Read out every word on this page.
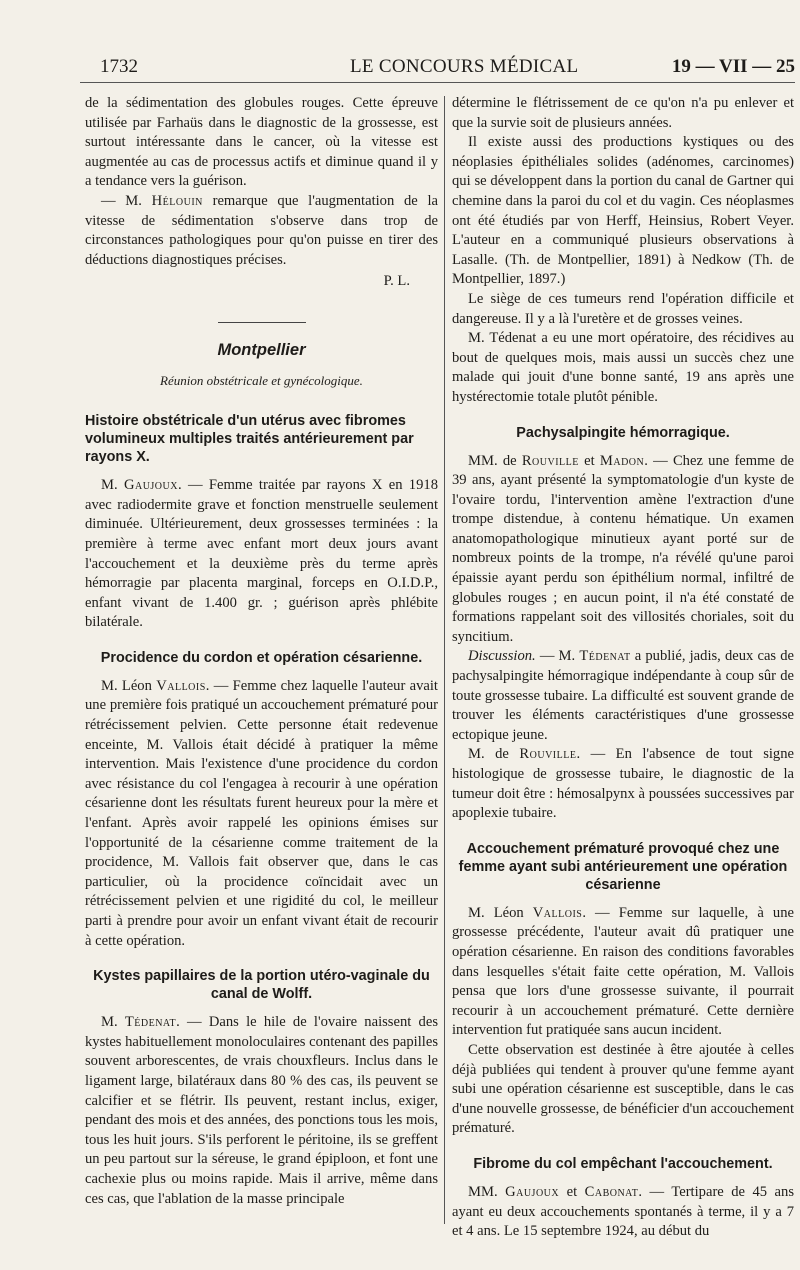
1732	LE CONCOURS MÉDICAL	19 — VII — 25

de la sédimentation des globules rouges. Cette épreuve utilisée par Farhaüs dans le diagnostic de la grossesse, est surtout intéressante dans le cancer, où la vitesse est augmentée au cas de processus actifs et diminue quand il y a tendance vers la guérison.

— M. Hélouin remarque que l'augmentation de la vitesse de sédimentation s'observe dans trop de circonstances pathologiques pour qu'on puisse en tirer des déductions diagnostiques précises.

P. L.
Montpellier
Réunion obstétricale et gynécologique.
Histoire obstétricale d'un utérus avec fibromes volumineux multiples traités antérieurement par rayons X.

M. Gaujoux. — Femme traitée par rayons X en 1918 avec radiodermite grave et fonction menstruelle seulement diminuée. Ultérieurement, deux grossesses terminées : la première à terme avec enfant mort deux jours avant l'accouchement et la deuxième près du terme après hémorragie par placenta marginal, forceps en O.I.D.P., enfant vivant de 1.400 gr. ; guérison après phlébite bilatérale.

Procidence du cordon et opération césarienne.

M. Léon Vallois. — Femme chez laquelle l'auteur avait une première fois pratiqué un accouchement prématuré pour rétrécissement pelvien. Cette personne était redevenue enceinte, M. Vallois était décidé à pratiquer la même intervention. Mais l'existence d'une procidence du cordon avec résistance du col l'engagea à recourir à une opération césarienne dont les résultats furent heureux pour la mère et l'enfant. Après avoir rappelé les opinions émises sur l'opportunité de la césarienne comme traitement de la procidence, M. Vallois fait observer que, dans le cas particulier, où la procidence coïncidait avec un rétrécissement pelvien et une rigidité du col, le meilleur parti à prendre pour avoir un enfant vivant était de recourir à cette opération.

Kystes papillaires de la portion utéro-vaginale du canal de Wolff.

M. Tédenat. — Dans le hile de l'ovaire naissent des kystes habituellement monoloculaires contenant des papilles souvent arborescentes, de vrais chouxfleurs. Inclus dans le ligament large, bilatéraux dans 80 % des cas, ils peuvent se calcifier et se flétrir. Ils peuvent, restant inclus, exiger, pendant des mois et des années, des ponctions tous les mois, tous les huit jours. S'ils perforent le péritoine, ils se greffent un peu partout sur la séreuse, le grand épiploon, et font une cachexie plus ou moins rapide. Mais il arrive, même dans ces cas, que l'ablation de la masse principale

détermine le flétrissement de ce qu'on n'a pu enlever et que la survie soit de plusieurs années.

Il existe aussi des productions kystiques ou des néoplasies épithéliales solides (adénomes, carcinomes) qui se développent dans la portion du canal de Gartner qui chemine dans la paroi du col et du vagin. Ces néoplasmes ont été étudiés par von Herff, Heinsius, Robert Veyer. L'auteur en a communiqué plusieurs observations à Lasalle. (Th. de Montpellier, 1891) à Nedkow (Th. de Montpellier, 1897.)

Le siège de ces tumeurs rend l'opération difficile et dangereuse. Il y a là l'uretère et de grosses veines.

M. Tédenat a eu une mort opératoire, des récidives au bout de quelques mois, mais aussi un succès chez une malade qui jouit d'une bonne santé, 19 ans après une hystérectomie totale plutôt pénible.

Pachysalpingite hémorragique.

MM. de Rouville et Madon. — Chez une femme de 39 ans, ayant présenté la symptomatologie d'un kyste de l'ovaire tordu, l'intervention amène l'extraction d'une trompe distendue, à contenu hématique. Un examen anatomopathologique minutieux ayant porté sur de nombreux points de la trompe, n'a révélé qu'une paroi épaissie ayant perdu son épithélium normal, infiltré de globules rouges ; en aucun point, il n'a été constaté de formations rappelant soit des villosités choriales, soit du syncitium.

Discussion. — M. Tédenat a publié, jadis, deux cas de pachysalpingite hémorragique indépendante à coup sûr de toute grossesse tubaire. La difficulté est souvent grande de trouver les éléments caractéristiques d'une grossesse ectopique jeune.

M. de Rouville. — En l'absence de tout signe histologique de grossesse tubaire, le diagnostic de la tumeur doit être : hémosalpynx à poussées successives par apoplexie tubaire.

Accouchement prématuré provoqué chez une femme ayant subi antérieurement une opération césarienne

M. Léon Vallois. — Femme sur laquelle, à une grossesse précédente, l'auteur avait dû pratiquer une opération césarienne. En raison des conditions favorables dans lesquelles s'était faite cette opération, M. Vallois pensa que lors d'une grossesse suivante, il pourrait recourir à un accouchement prématuré. Cette dernière intervention fut pratiquée sans aucun incident.

Cette observation est destinée à être ajoutée à celles déjà publiées qui tendent à prouver qu'une femme ayant subi une opération césarienne est susceptible, dans le cas d'une nouvelle grossesse, de bénéficier d'un accouchement prématuré.

Fibrome du col empêchant l'accouchement.

MM. Gaujoux et Cabonat. — Tertipare de 45 ans ayant eu deux accouchements spontanés à terme, il y a 7 et 4 ans. Le 15 septembre 1924, au début du
